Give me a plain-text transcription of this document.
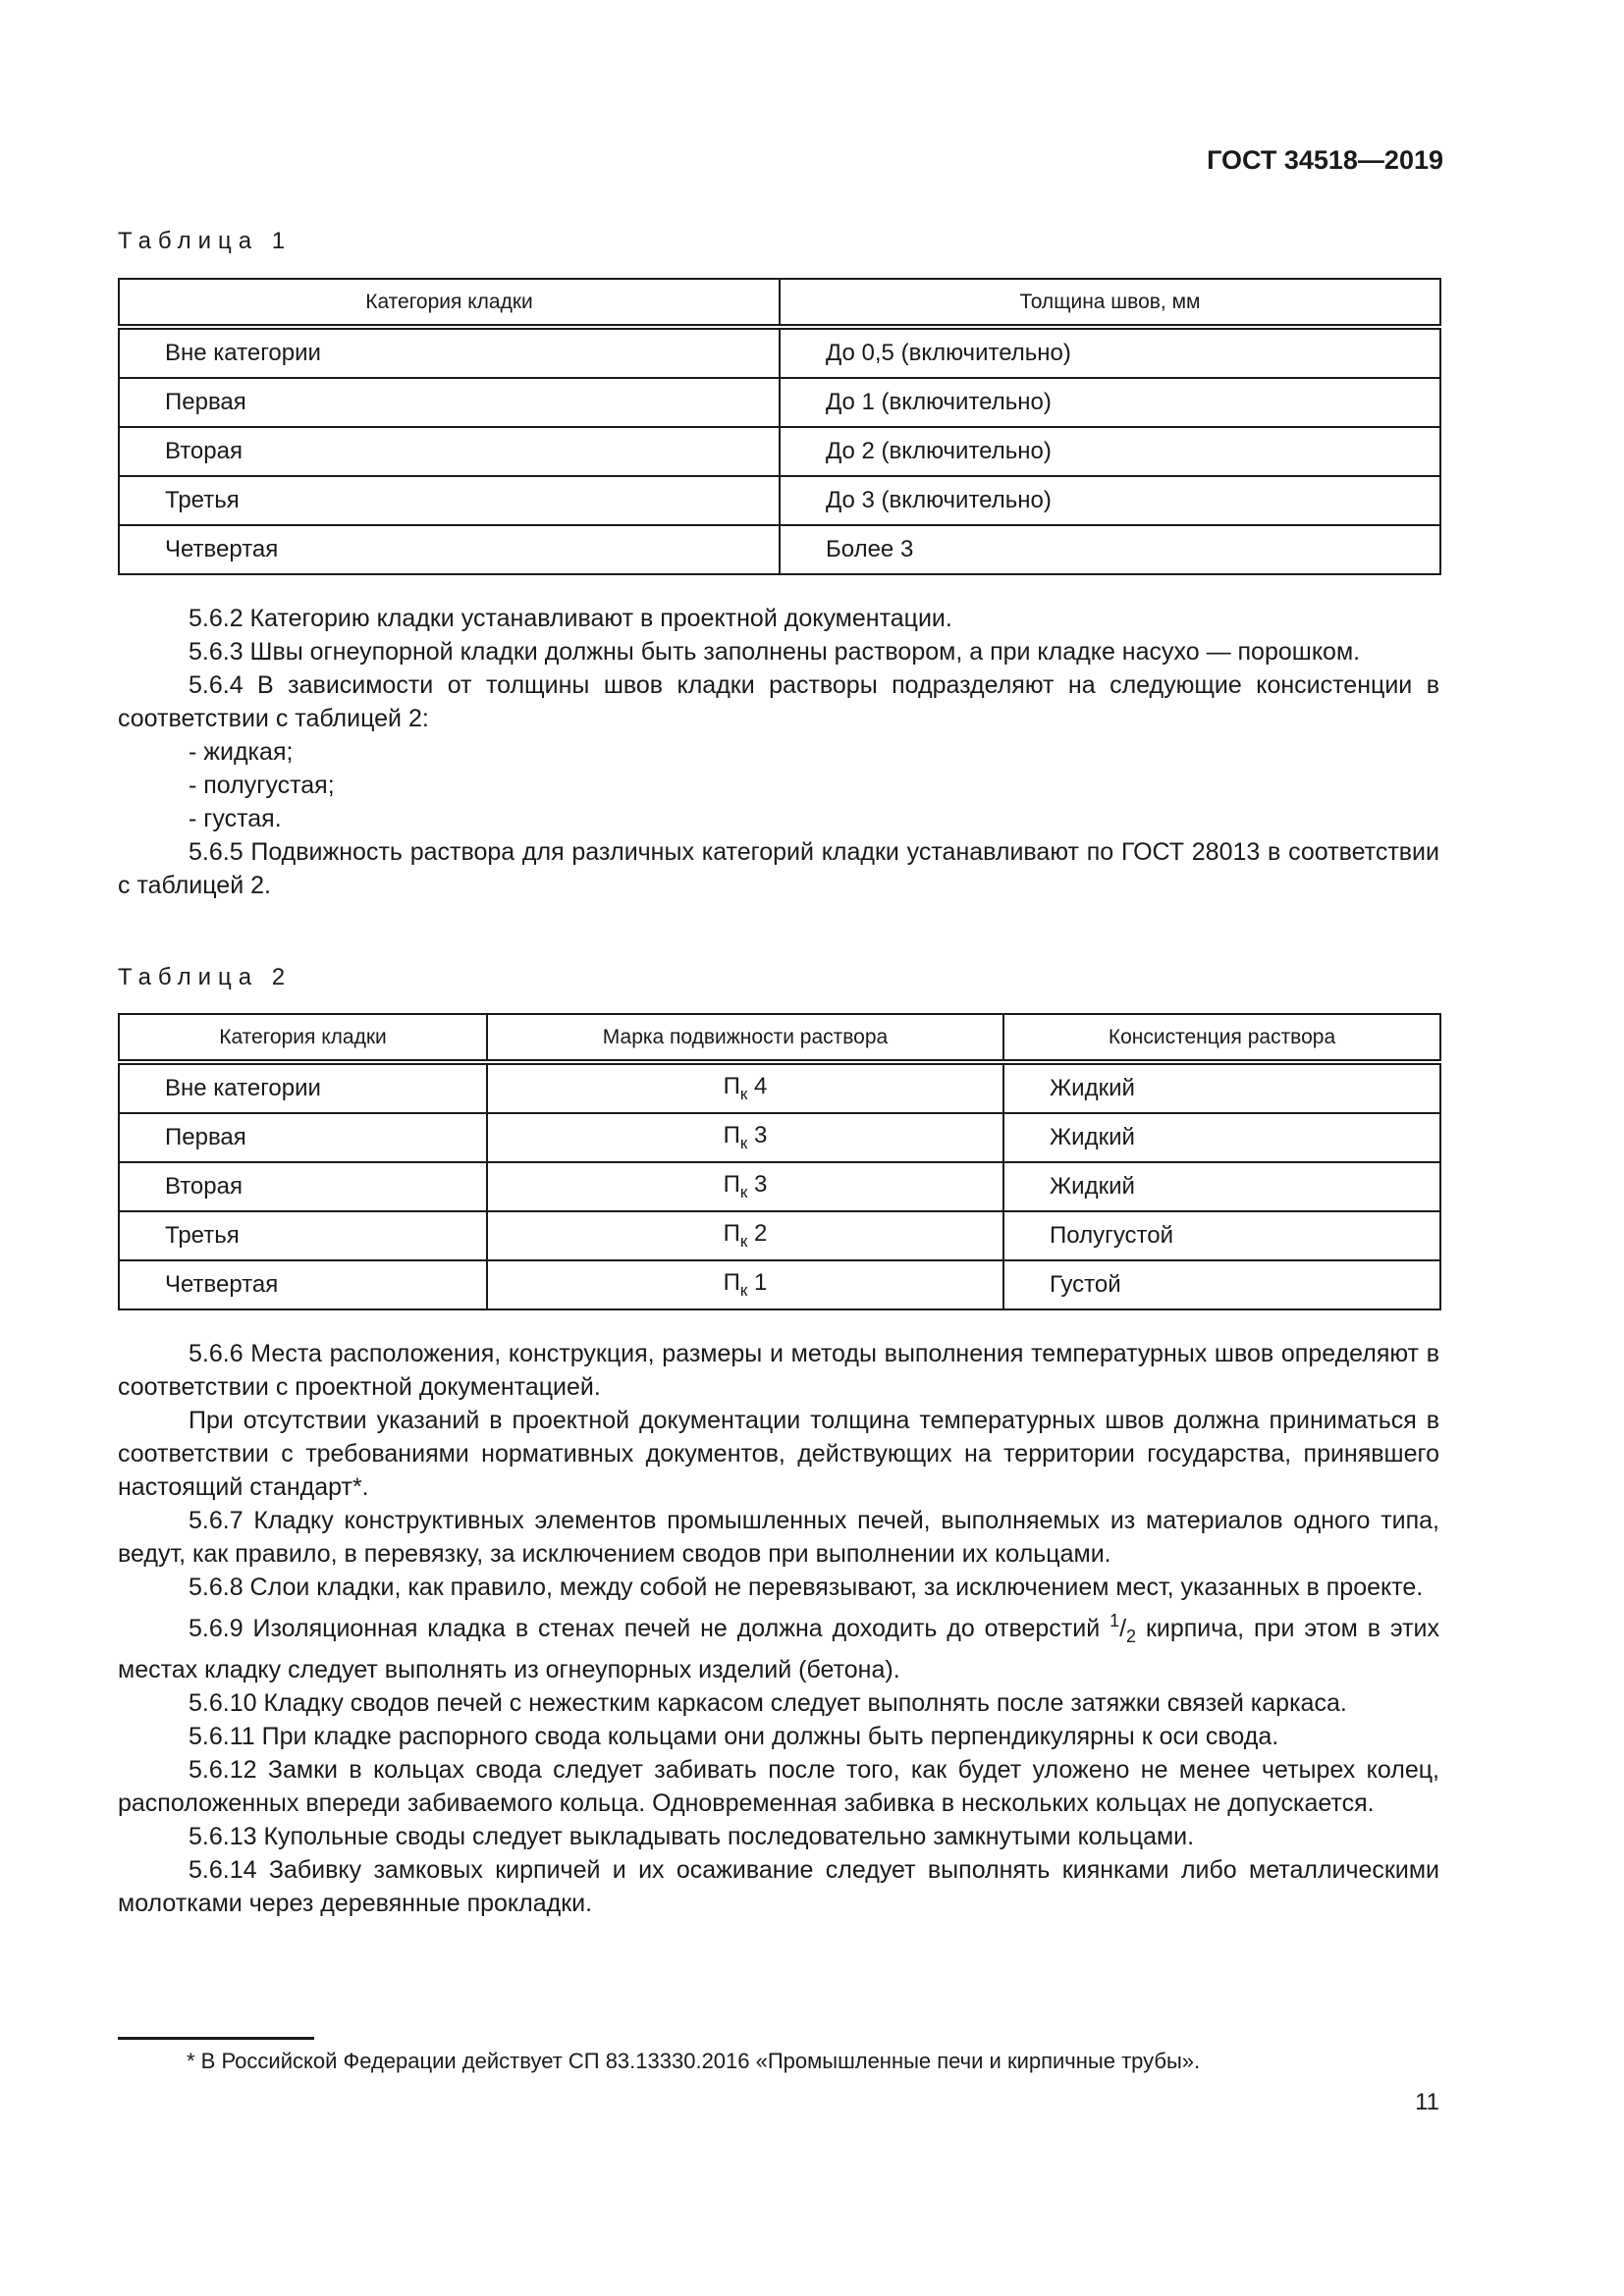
ГОСТ 34518—2019
Таблица 1
Категория кладки	Толщина швов, мм
Вне категории	До 0,5 (включительно)
Первая	До 1 (включительно)
Вторая	До 2 (включительно)
Третья	До 3 (включительно)
Четвертая	Более 3

5.6.2 Категорию кладки устанавливают в проектной документации.

5.6.3 Швы огнеупорной кладки должны быть заполнены раствором, а при кладке насухо — порошком.

5.6.4 В зависимости от толщины швов кладки растворы подразделяют на следующие консистенции в соответствии с таблицей 2:

- жидкая;

- полугустая;

- густая.

5.6.5 Подвижность раствора для различных категорий кладки устанавливают по ГОСТ 28013 в соответствии с таблицей 2.

Таблица 2
Категория кладки	Марка подвижности раствора	Консистенция раствора
Вне категории	$П_к$ 4	Жидкий
Первая	$П_к$ 3	Жидкий
Вторая	$П_к$ 3	Жидкий
Третья	$П_к$ 2	Полугустой
Четвертая	$П_к$ 1	Густой

5.6.6 Места расположения, конструкция, размеры и методы выполнения температурных швов определяют в соответствии с проектной документацией.

При отсутствии указаний в проектной документации толщина температурных швов должна приниматься в соответствии с требованиями нормативных документов, действующих на территории государства, принявшего настоящий стандарт*.

5.6.7 Кладку конструктивных элементов промышленных печей, выполняемых из материалов одного типа, ведут, как правило, в перевязку, за исключением сводов при выполнении их кольцами.

5.6.8 Слои кладки, как правило, между собой не перевязывают, за исключением мест, указанных в проекте.

5.6.9 Изоляционная кладка в стенах печей не должна доходить до отверстий $^1/_2$ кирпича, при этом в этих местах кладку следует выполнять из огнеупорных изделий (бетона).

5.6.10 Кладку сводов печей с нежестким каркасом следует выполнять после затяжки связей каркаса.

5.6.11 При кладке распорного свода кольцами они должны быть перпендикулярны к оси свода.

5.6.12 Замки в кольцах свода следует забивать после того, как будет уложено не менее четырех колец, расположенных впереди забиваемого кольца. Одновременная забивка в нескольких кольцах не допускается.

5.6.13 Купольные своды следует выкладывать последовательно замкнутыми кольцами.

5.6.14 Забивку замковых кирпичей и их осаживание следует выполнять киянками либо металлическими молотками через деревянные прокладки.

* В Российской Федерации действует СП 83.13330.2016 «Промышленные печи и кирпичные трубы».
11
